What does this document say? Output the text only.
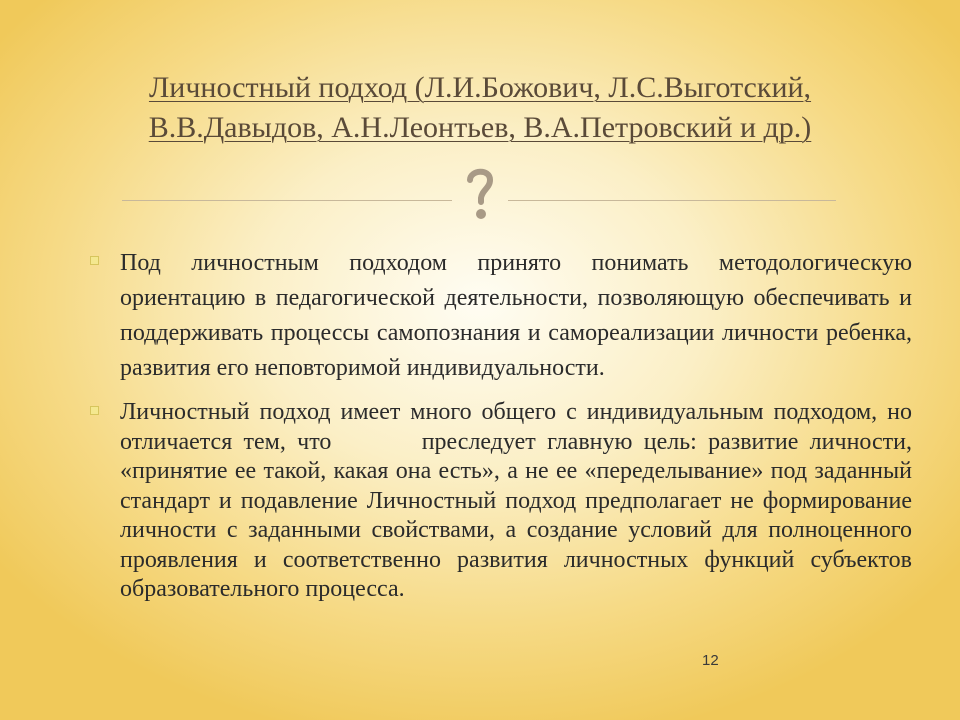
Личностный подход (Л.И.Божович, Л.С.Выготский, В.В.Давыдов, А.Н.Леонтьев, В.А.Петровский и др.)
Под личностным подходом принято понимать методологическую ориентацию в педагогической деятельности, позволяющую обеспечивать и поддерживать процессы самопознания и самореализации личности ребенка, развития его неповторимой индивидуальности.
Личностный подход имеет много общего с индивидуальным подходом, но отличается тем, что        преследует главную цель: развитие личности, «принятие ее такой, какая она есть», а не ее «переделывание» под заданный стандарт и подавление Личностный подход предполагает не формирование личности с заданными свойствами, а создание условий для полноценного проявления и соответственно развития личностных функций субъектов образовательного процесса.
12
